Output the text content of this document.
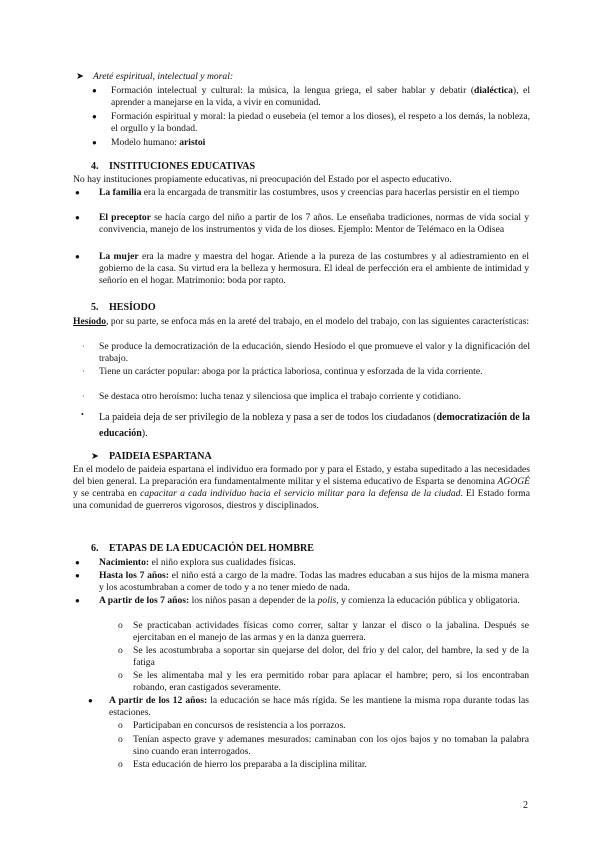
➤ Areté espiritual, intelectual y moral:
● Formación intelectual y cultural: la música, la lengua griega, el saber hablar y debatir (dialéctica), el aprender a manejarse en la vida, a vivir en comunidad.
● Formación espiritual y moral: la piedad o eusebeia (el temor a los dioses), el respeto a los demás, la nobleza, el orgullo y la bondad.
● Modelo humano: aristoi
4. INSTITUCIONES EDUCATIVAS
No hay instituciones propiamente educativas, ni preocupación del Estado por el aspecto educativo.
● La familia era la encargada de transmitir las costumbres, usos y creencias para hacerlas persistir en el tiempo
● El preceptor se hacía cargo del niño a partir de los 7 años. Le enseñaba tradiciones, normas de vida social y convivencia, manejo de los instrumentos y vida de los dioses. Ejemplo: Mentor de Telémaco en la Odisea
● La mujer era la madre y maestra del hogar. Atiende a la pureza de las costumbres y al adiestramiento en el gobierno de la casa. Su virtud era la belleza y hermosura. El ideal de perfección era el ambiente de intimidad y señorío en el hogar. Matrimonio: boda por rapto.
5. HESÍODO
Hesíodo, por su parte, se enfoca más en la areté del trabajo, en el modelo del trabajo, con las siguientes características:
· Se produce la democratización de la educación, siendo Hesíodo el que promueve el valor y la dignificación del trabajo.
· Tiene un carácter popular: aboga por la práctica laboriosa, continua y esforzada de la vida corriente.
· Se destaca otro heroísmo: lucha tenaz y silenciosa que implica el trabajo corriente y cotidiano.
• La paideia deja de ser privilegio de la nobleza y pasa a ser de todos los ciudadanos (democratización de la educación).
➤ PAIDEIA ESPARTANA
En el modelo de paideia espartana el individuo era formado por y para el Estado, y estaba supeditado a las necesidades del bien general. La preparación era fundamentalmente militar y el sistema educativo de Esparta se denomina AGOGÉ y se centraba en capacitar a cada individuo hacia el servicio militar para la defensa de la ciudad. El Estado forma una comunidad de guerreros vigorosos, diestros y disciplinados.
6. ETAPAS DE LA EDUCACIÓN DEL HOMBRE
● Nacimiento: el niño explora sus cualidades físicas.
● Hasta los 7 años: el niño está a cargo de la madre. Todas las madres educaban a sus hijos de la misma manera y los acostumbraban a comer de todo y a no tener miedo de nada.
● A partir de los 7 años: los niños pasan a depender de la polis, y comienza la educación pública y obligatoria.
o Se practicaban actividades físicas como correr, saltar y lanzar el disco o la jabalina. Después se ejercitaban en el manejo de las armas y en la danza guerrera.
o Se les acostumbraba a soportar sin quejarse del dolor, del frío y del calor, del hambre, la sed y de la fatiga
o Se les alimentaba mal y les era permitido robar para aplacar el hambre; pero, si los encontraban robando, eran castigados severamente.
● A partir de los 12 años: la educación se hace más rígida. Se les mantiene la misma ropa durante todas las estaciones.
o Participaban en concursos de resistencia a los porrazos.
o Tenían aspecto grave y ademanes mesurados: caminaban con los ojos bajos y no tomaban la palabra sino cuando eran interrogados.
o Esta educación de hierro los preparaba a la disciplina militar.
2
